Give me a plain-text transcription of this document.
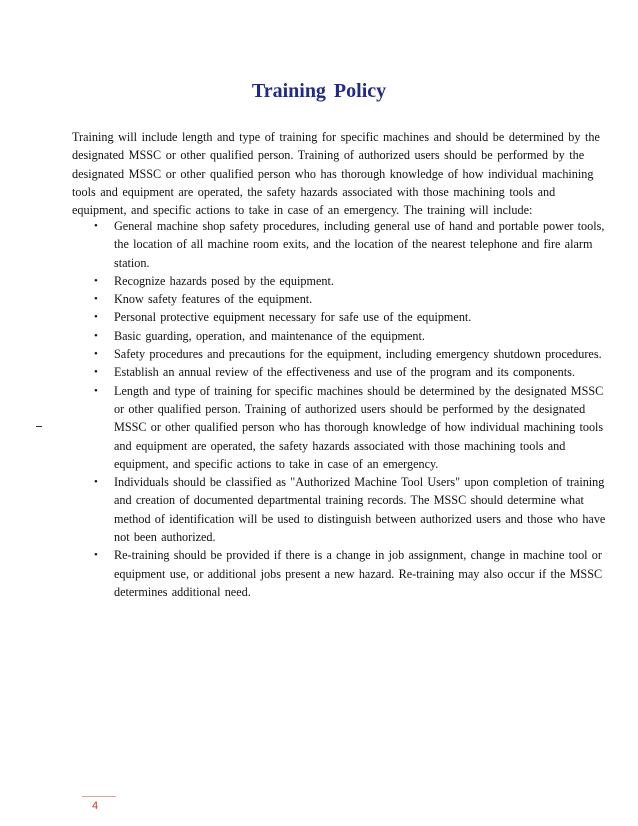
Training Policy

Training will include length and type of training for specific machines and should be determined by the designated MSSC or other qualified person. Training of authorized users should be performed by the designated MSSC or other qualified person who has thorough knowledge of how individual machining tools and equipment are operated, the safety hazards associated with those machining tools and equipment, and specific actions to take in case of an emergency. The training will include:

• General machine shop safety procedures, including general use of hand and portable power tools, the location of all machine room exits, and the location of the nearest telephone and fire alarm station.
• Recognize hazards posed by the equipment.
• Know safety features of the equipment.
• Personal protective equipment necessary for safe use of the equipment.
• Basic guarding, operation, and maintenance of the equipment.
• Safety procedures and precautions for the equipment, including emergency shutdown procedures.
• Establish an annual review of the effectiveness and use of the program and its components.
• Length and type of training for specific machines should be determined by the designated MSSC or other qualified person. Training of authorized users should be performed by the designated MSSC or other qualified person who has thorough knowledge of how individual machining tools and equipment are operated, the safety hazards associated with those machining tools and equipment, and specific actions to take in case of an emergency.
• Individuals should be classified as "Authorized Machine Tool Users" upon completion of training and creation of documented departmental training records. The MSSC should determine what method of identification will be used to distinguish between authorized users and those who have not been authorized.
• Re-training should be provided if there is a change in job assignment, change in machine tool or equipment use, or additional jobs present a new hazard. Re-training may also occur if the MSSC determines additional need.
4
